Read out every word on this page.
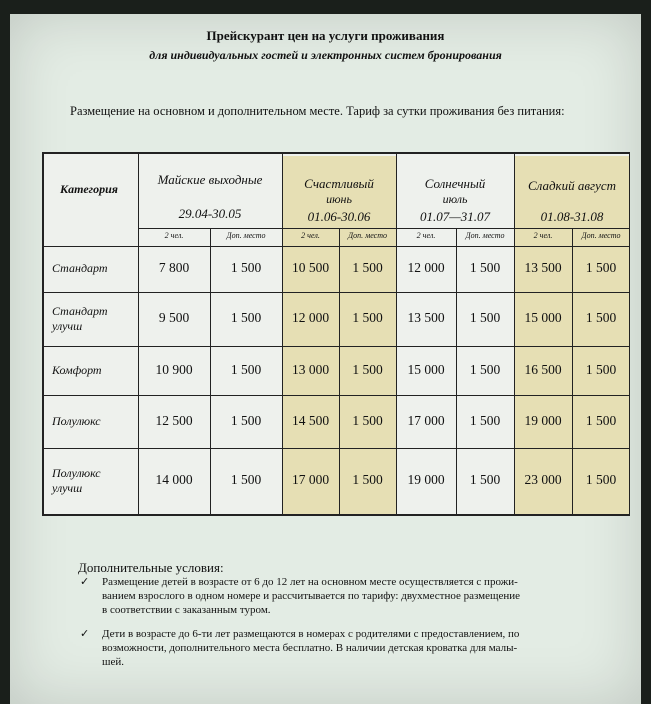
Прейскурант цен на услуги проживания
для индивидуальных гостей и электронных систем бронирования
Размещение на основном и дополнительном месте. Тариф за сутки проживания без питания:
Категория
Майские выходные
29.04-30.05
2 чел.	Доп. место
Счастливый
июнь
01.06-30.06
2 чел.	Доп. место
Солнечный
июль
01.07—31.07
2 чел.	Доп. место
Сладкий август
01.08-31.08
2 чел.	Доп. место
Стандарт	7 800	1 500	10 500	1 500	12 000	1 500	13 500	1 500
Стандарт
улучш
9 500	1 500	12 000	1 500	13 500	1 500	15 000	1 500
Комфорт	10 900	1 500	13 000	1 500	15 000	1 500	16 500	1 500
Полулюкс	12 500	1 500	14 500	1 500	17 000	1 500	19 000	1 500
Полулюкс
улучш
14 000	1 500	17 000	1 500	19 000	1 500	23 000	1 500
Дополнительные условия:
✓ Размещение детей в возрасте от 6 до 12 лет на основном месте осуществляется с прожи-
ванием взрослого в одном номере и рассчитывается по тарифу: двухместное размещение
в соответствии с заказанным туром.
✓ Дети в возрасте до 6-ти лет размещаются в номерах с родителями с предоставлением, по
возможности, дополнительного места бесплатно. В наличии детская кроватка для малы-
шей.
